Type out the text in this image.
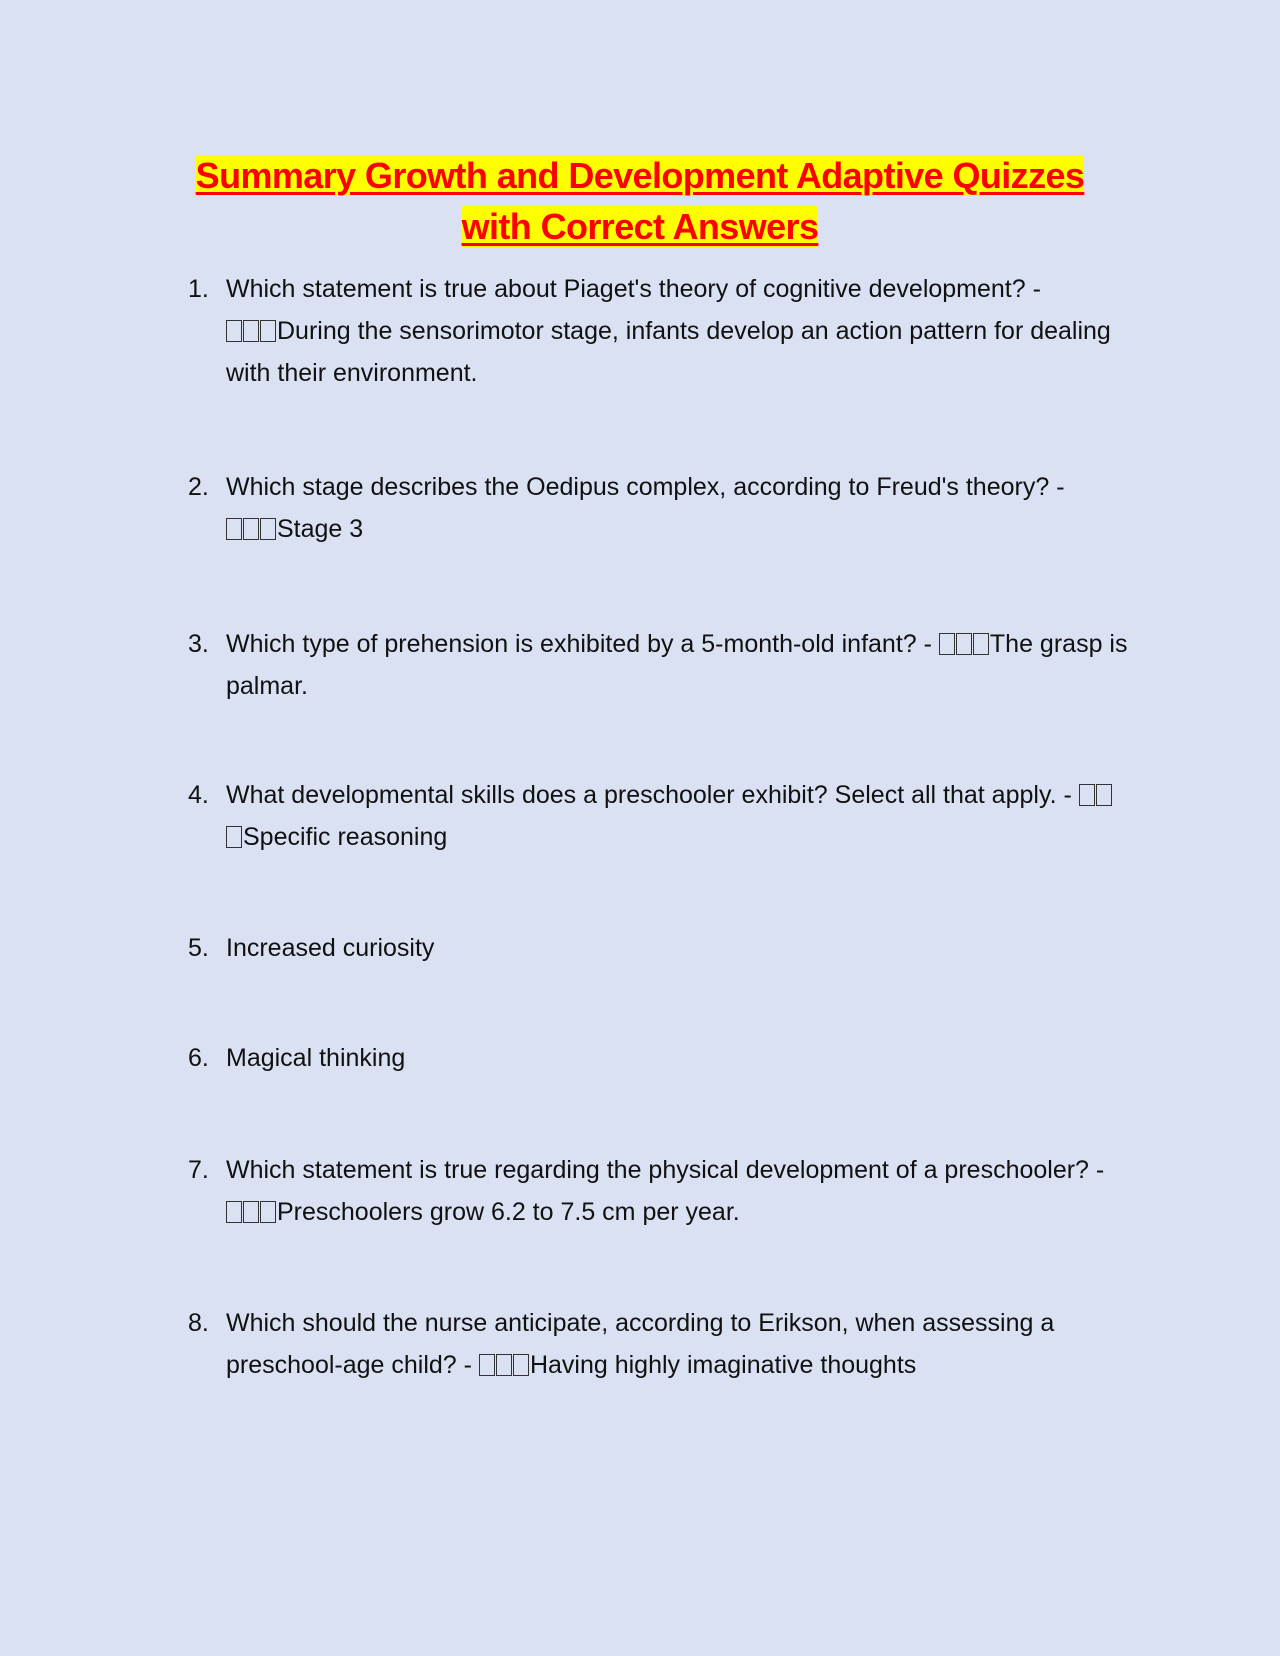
Summary Growth and Development Adaptive Quizzes
with Correct Answers
1. Which statement is true about Piaget's theory of cognitive development? -
During the sensorimotor stage, infants develop an action pattern for dealing with their environment.
2. Which stage describes the Oedipus complex, according to Freud's theory? -
Stage 3
3. Which type of prehension is exhibited by a 5-month-old infant? - The grasp is palmar.
4. What developmental skills does a preschooler exhibit? Select all that apply. - Specific reasoning
5. Increased curiosity
6. Magical thinking
7. Which statement is true regarding the physical development of a preschooler? - Preschoolers grow 6.2 to 7.5 cm per year.
8. Which should the nurse anticipate, according to Erikson, when assessing a preschool-age child? - Having highly imaginative thoughts
